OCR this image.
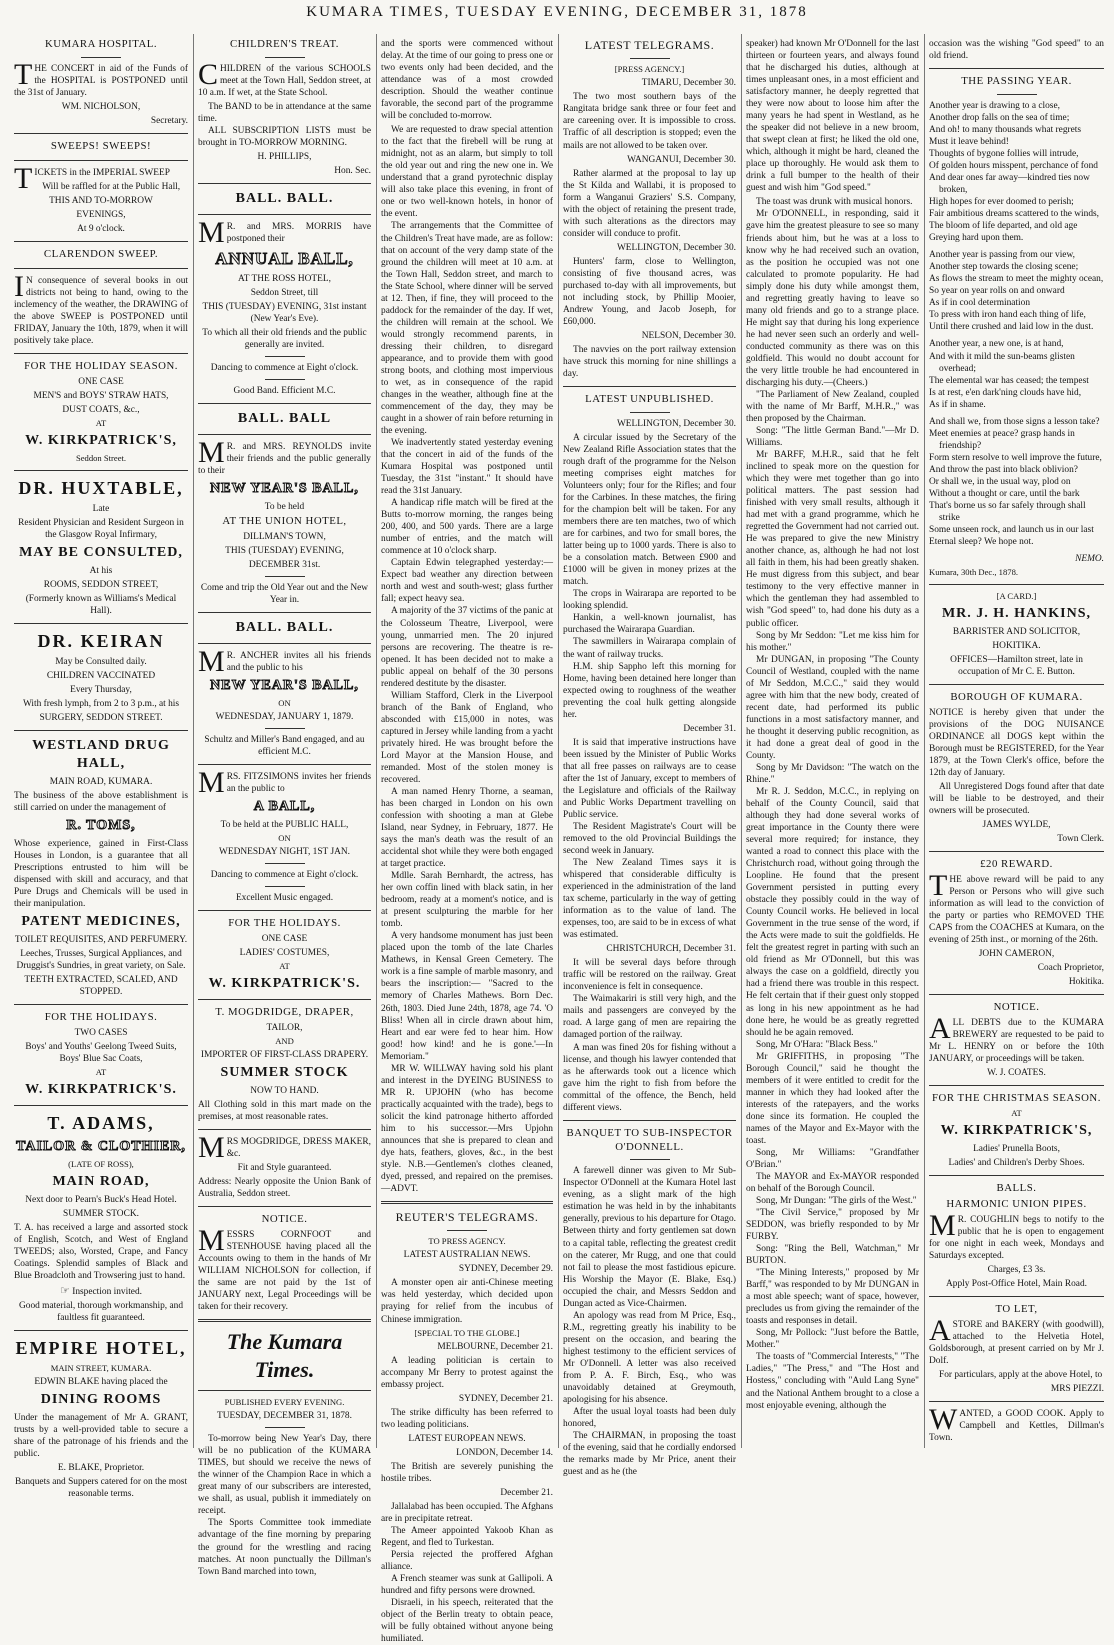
KUMARA TIMES, TUESDAY EVENING, DECEMBER 31, 1878
KUMARA HOSPITAL.

THE CONCERT in aid of the Funds of the HOSPITAL is POSTPONED until the 31st of January.

WM. NICHOLSON,

Secretary.

SWEEPS! SWEEPS!

TICKETS in the IMPERIAL SWEEP

Will be raffled for at the Public Hall,

THIS AND TO-MORROW

EVENINGS,

At 9 o'clock.

CLARENDON SWEEP.

IN consequence of several books in out districts not being to hand, owing to the inclemency of the weather, the DRAWING of the above SWEEP is POSTPONED until FRIDAY, January the 10th, 1879, when it will positively take place.

FOR THE HOLIDAY SEASON.

ONE CASE

MEN'S and BOYS' STRAW HATS,

DUST COATS, &c.,

AT

W. KIRKPATRICK'S,

Seddon Street.

DR. HUXTABLE,

Late

Resident Physician and Resident Surgeon in the Glasgow Royal Infirmary,

MAY BE CONSULTED,

At his

ROOMS, SEDDON STREET,

(Formerly known as Williams's Medical Hall).

DR. KEIRAN

May be Consulted daily.

CHILDREN VACCINATED

Every Thursday,

With fresh lymph, from 2 to 3 p.m., at his

SURGERY, SEDDON STREET.

WESTLAND DRUG HALL,

MAIN ROAD, KUMARA.

The business of the above establishment is still carried on under the management of

R. TOMS,

Whose experience, gained in First-Class Houses in London, is a guarantee that all Prescriptions entrusted to him will be dispensed with skill and accuracy, and that Pure Drugs and Chemicals will be used in their manipulation.

PATENT MEDICINES,

TOILET REQUISITES, AND PERFUMERY.

Leeches, Trusses, Surgical Appliances, and Druggist's Sundries, in great variety, on Sale.

TEETH EXTRACTED, SCALED, AND STOPPED.

FOR THE HOLIDAYS.

TWO CASES

Boys' and Youths' Geelong Tweed Suits, Boys' Blue Sac Coats,

AT

W. KIRKPATRICK'S.
T. ADAMS,
TAILOR & CLOTHIER,

(LATE OF ROSS),

MAIN ROAD,

Next door to Pearn's Buck's Head Hotel.

SUMMER STOCK.

T. A. has received a large and assorted stock of English, Scotch, and West of England TWEEDS; also, Worsted, Crape, and Fancy Coatings. Splendid samples of Black and Blue Broadcloth and Trowsering just to hand.

☞ Inspection invited.

Good material, thorough workmanship, and faultless fit guaranteed.

EMPIRE HOTEL,

MAIN STREET, KUMARA.

EDWIN BLAKE having placed the

DINING ROOMS

Under the management of Mr A. GRANT, trusts by a well-provided table to secure a share of the patronage of his friends and the public.

E. BLAKE, Proprietor.

Banquets and Suppers catered for on the most reasonable terms.

CHILDREN'S TREAT.

CHILDREN of the various SCHOOLS meet at the Town Hall, Seddon street, at 10 a.m. If wet, at the State School.

The BAND to be in attendance at the same time.

ALL SUBSCRIPTION LISTS must be brought in TO-MORROW MORNING.

H. PHILLIPS,

Hon. Sec.

BALL. BALL.

MR. and MRS. MORRIS have postponed their

ANNUAL BALL,

AT THE ROSS HOTEL,

Seddon Street, till

THIS (TUESDAY) EVENING, 31st instant (New Year's Eve).

To which all their old friends and the public generally are invited.

Dancing to commence at Eight o'clock.

Good Band. Efficient M.C.

BALL. BALL

MR. and MRS. REYNOLDS invite their friends and the public generally to their

NEW YEAR'S BALL,

To be held

AT THE UNION HOTEL,

DILLMAN'S TOWN,

THIS (TUESDAY) EVENING,

DECEMBER 31st.

Come and trip the Old Year out and the New Year in.

BALL. BALL.

MR. ANCHER invites all his friends and the public to his

NEW YEAR'S BALL,

ON

WEDNESDAY, JANUARY 1, 1879.

Schultz and Miller's Band engaged, and au efficient M.C.

MRS. FITZSIMONS invites her friends an the public to

A BALL,

To be held at the PUBLIC HALL,

ON

WEDNESDAY NIGHT, 1ST JAN.

Dancing to commence at Eight o'clock.

Excellent Music engaged.

FOR THE HOLIDAYS.

ONE CASE

LADIES' COSTUMES,

AT

W. KIRKPATRICK'S.
T. MOGDRIDGE, DRAPER,

TAILOR,

AND

IMPORTER OF FIRST-CLASS DRAPERY.

SUMMER STOCK

NOW TO HAND.

All Clothing sold in this mart made on the premises, at most reasonable rates.

MRS MOGDRIDGE, DRESS MAKER, &c.

Fit and Style guaranteed.

Address: Nearly opposite the Union Bank of Australia, Seddon street.

NOTICE.

MESSRS CORNFOOT and STENHOUSE having placed all the Accounts owing to them in the hands of Mr WILLIAM NICHOLSON for collection, if the same are not paid by the 1st of JANUARY next, Legal Proceedings will be taken for their recovery.

The Kumara Times.

PUBLISHED EVERY EVENING.

TUESDAY, DECEMBER 31, 1878.

To-morrow being New Year's Day, there will be no publication of the KUMARA TIMES, but should we receive the news of the winner of the Champion Race in which a great many of our subscribers are interested, we shall, as usual, publish it immediately on receipt.

The Sports Committee took immediate advantage of the fine morning by preparing the ground for the wrestling and racing matches. At noon punctually the Dillman's Town Band marched into town,

and the sports were commenced without delay. At the time of our going to press one or two events only had been decided, and the attendance was of a most crowded description. Should the weather continue favorable, the second part of the programme will be concluded to-morrow.

We are requested to draw special attention to the fact that the firebell will be rung at midnight, not as an alarm, but simply to toll the old year out and ring the new one in. We understand that a grand pyrotechnic display will also take place this evening, in front of one or two well-known hotels, in honor of the event.

The arrangements that the Committee of the Children's Treat have made, are as follow: that on account of the very damp state of the ground the children will meet at 10 a.m. at the Town Hall, Seddon street, and march to the State School, where dinner will be served at 12. Then, if fine, they will proceed to the paddock for the remainder of the day. If wet, the children will remain at the school. We would strongly recommend parents, in dressing their children, to disregard appearance, and to provide them with good strong boots, and clothing most impervious to wet, as in consequence of the rapid changes in the weather, although fine at the commencement of the day, they may be caught in a shower of rain before returning in the evening.

We inadvertently stated yesterday evening that the concert in aid of the funds of the Kumara Hospital was postponed until Tuesday, the 31st "instant." It should have read the 31st January.

A handicap rifle match will be fired at the Butts to-morrow morning, the ranges being 200, 400, and 500 yards. There are a large number of entries, and the match will commence at 10 o'clock sharp.

Captain Edwin telegraphed yesterday:— Expect bad weather any direction between north and west and south-west; glass further fall; expect heavy sea.

A majority of the 37 victims of the panic at the Colosseum Theatre, Liverpool, were young, unmarried men. The 20 injured persons are recovering. The theatre is re-opened. It has been decided not to make a public appeal on behalf of the 30 persons rendered destitute by the disaster.

William Stafford, Clerk in the Liverpool branch of the Bank of England, who absconded with £15,000 in notes, was captured in Jersey while landing from a yacht privately hired. He was brought before the Lord Mayor at the Mansion House, and remanded. Most of the stolen money is recovered.

A man named Henry Thorne, a seaman, has been charged in London on his own confession with shooting a man at Glebe Island, near Sydney, in February, 1877. He says the man's death was the result of an accidental shot while they were both engaged at target practice.

Mdlle. Sarah Bernhardt, the actress, has her own coffin lined with black satin, in her bedroom, ready at a moment's notice, and is at present sculpturing the marble for her tomb.

A very handsome monument has just been placed upon the tomb of the late Charles Mathews, in Kensal Green Cemetery. The work is a fine sample of marble masonry, and bears the inscription:— "Sacred to the memory of Charles Mathews. Born Dec. 26th, 1803. Died June 24th, 1878, age 74. 'O Bliss! When all in circle drawn about him, Heart and ear were fed to hear him. How good! how kind! and he is gone.'—In Memoriam."

MR W. WILLWAY having sold his plant and interest in the DYEING BUSINESS to MR R. UPJOHN (who has become practically acquainted with the trade), begs to solicit the kind patronage hitherto afforded him to his successor.—Mrs Upjohn announces that she is prepared to clean and dye hats, feathers, gloves, &c., in the best style. N.B.—Gentlemen's clothes cleaned, dyed, pressed, and repaired on the premises.—ADVT.

REUTER'S TELEGRAMS.

TO PRESS AGENCY.

LATEST AUSTRALIAN NEWS.

SYDNEY, December 29.

A monster open air anti-Chinese meeting was held yesterday, which decided upon praying for relief from the incubus of Chinese immigration.

[SPECIAL TO THE GLOBE.]

MELBOURNE, December 21.

A leading politician is certain to accompany Mr Berry to protest against the embassy project.

SYDNEY, December 21.

The strike difficulty has been referred to two leading politicians.

LATEST EUROPEAN NEWS.

LONDON, December 14.

The British are severely punishing the hostile tribes.

December 21.

Jallalabad has been occupied. The Afghans are in precipitate retreat.

The Ameer appointed Yakoob Khan as Regent, and fled to Turkestan.

Persia rejected the proffered Afghan alliance.

A French steamer was sunk at Gallipoli. A hundred and fifty persons were drowned.

Disraeli, in his speech, reiterated that the object of the Berlin treaty to obtain peace, will be fully obtained without anyone being humiliated.

LATEST TELEGRAMS.

[PRESS AGENCY.]

TIMARU, December 30.

The two most southern bays of the Rangitata bridge sank three or four feet and are careening over. It is impossible to cross. Traffic of all description is stopped; even the mails are not allowed to be taken over.

WANGANUI, December 30.

Rather alarmed at the proposal to lay up the St Kilda and Wallabi, it is proposed to form a Wanganui Graziers' S.S. Company, with the object of retaining the present trade, with such alterations as the directors may consider will conduce to profit.

WELLINGTON, December 30.

Hunters' farm, close to Wellington, consisting of five thousand acres, was purchased to-day with all improvements, but not including stock, by Phillip Mooier, Andrew Young, and Jacob Joseph, for £60,000.

NELSON, December 30.

The navvies on the port railway extension have struck this morning for nine shillings a day.

LATEST UNPUBLISHED.

WELLINGTON, December 30.

A circular issued by the Secretary of the New Zealand Rifle Association states that the rough draft of the programme for the Nelson meeting comprises eight matches for Volunteers only; four for the Rifles; and four for the Carbines. In these matches, the firing for the champion belt will be taken. For any members there are ten matches, two of which are for carbines, and two for small bores, the latter being up to 1000 yards. There is also to be a consolation match. Between £900 and £1000 will be given in money prizes at the match.

The crops in Wairarapa are reported to be looking splendid.

Hankin, a well-known journalist, has purchased the Wairarapa Guardian.

The sawmillers in Wairarapa complain of the want of railway trucks.

H.M. ship Sappho left this morning for Home, having been detained here longer than expected owing to roughness of the weather preventing the coal hulk getting alongside her.

December 31.

It is said that imperative instructions have been issued by the Minister of Public Works that all free passes on railways are to cease after the 1st of January, except to members of the Legislature and officials of the Railway and Public Works Department travelling on Public service.

The Resident Magistrate's Court will be removed to the old Provincial Buildings the second week in January.

The New Zealand Times says it is whispered that considerable difficulty is experienced in the administration of the land tax scheme, particularly in the way of getting information as to the value of land. The expenses, too, are said to be in excess of what was estimated.

CHRISTCHURCH, December 31.

It will be several days before through traffic will be restored on the railway. Great inconvenience is felt in consequence.

The Waimakariri is still very high, and the mails and passengers are conveyed by the road. A large gang of men are repairing the damaged portion of the railway.

A man was fined 20s for fishing without a license, and though his lawyer contended that as he afterwards took out a licence which gave him the right to fish from before the committal of the offence, the Bench, held different views.

BANQUET TO SUB-INSPECTOR O'DONNELL.

A farewell dinner was given to Mr Sub-Inspector O'Donnell at the Kumara Hotel last evening, as a slight mark of the high estimation he was held in by the inhabitants generally, previous to his departure for Otago. Between thirty and forty gentlemen sat down to a capital table, reflecting the greatest credit on the caterer, Mr Rugg, and one that could not fail to please the most fastidious epicure. His Worship the Mayor (E. Blake, Esq.) occupied the chair, and Messrs Seddon and Dungan acted as Vice-Chairmen.

An apology was read from M Price, Esq., R.M., regretting greatly his inability to be present on the occasion, and bearing the highest testimony to the efficient services of Mr O'Donnell. A letter was also received from P. A. F. Birch, Esq., who was unavoidably detained at Greymouth, apologising for his absence.

After the usual loyal toasts had been duly honored,

The CHAIRMAN, in proposing the toast of the evening, said that he cordially endorsed the remarks made by Mr Price, anent their guest and as he (the

speaker) had known Mr O'Donnell for the last thirteen or fourteen years, and always found that he discharged his duties, although at times unpleasant ones, in a most efficient and satisfactory manner, he deeply regretted that they were now about to loose him after the many years he had spent in Westland, as he the speaker did not believe in a new broom, that swept clean at first; he liked the old one, which, although it might be hard, cleaned the place up thoroughly. He would ask them to drink a full bumper to the health of their guest and wish him "God speed."

The toast was drunk with musical honors.

Mr O'DONNELL, in responding, said it gave him the greatest pleasure to see so many friends about him, but he was at a loss to know why he had received such an ovation, as the position he occupied was not one calculated to promote popularity. He had simply done his duty while amongst them, and regretting greatly having to leave so many old friends and go to a strange place. He might say that during his long experience he had never seen such an orderly and well-conducted community as there was on this goldfield. This would no doubt account for the very little trouble he had encountered in discharging his duty.—(Cheers.)

"The Parliament of New Zealand, coupled with the name of Mr Barff, M.H.R.," was then proposed by the Chairman.

Song: "The little German Band."—Mr D. Williams.

Mr BARFF, M.H.R., said that he felt inclined to speak more on the question for which they were met together than go into political matters. The past session had finished with very small results, although it had met with a grand programme, which he regretted the Government had not carried out. He was prepared to give the new Ministry another chance, as, although he had not lost all faith in them, his had been greatly shaken. He must digress from this subject, and bear testimony to the very effective manner in which the gentleman they had assembled to wish "God speed" to, had done his duty as a public officer.

Song by Mr Seddon: "Let me kiss him for his mother."

Mr DUNGAN, in proposing "The County Council of Westland, coupled with the name of Mr Seddon, M.C.C.," said they would agree with him that the new body, created of recent date, had performed its public functions in a most satisfactory manner, and he thought it deserving public recognition, as it had done a great deal of good in the County.

Song by Mr Davidson: "The watch on the Rhine."

Mr R. J. Seddon, M.C.C., in replying on behalf of the County Council, said that although they had done several works of great importance in the County there were several more required; for instance, they wanted a road to connect this place with the Christchurch road, without going through the Loopline. He found that the present Government persisted in putting every obstacle they possibly could in the way of County Council works. He believed in local Government in the true sense of the word, if the Acts were made to suit the goldfields. He felt the greatest regret in parting with such an old friend as Mr O'Donnell, but this was always the case on a goldfield, directly you had a friend there was trouble in this respect. He felt certain that if their guest only stopped as long in his new appointment as he had done here, he would be as greatly regretted should he be again removed.

Song, Mr O'Hara: "Black Bess."

Mr GRIFFITHS, in proposing "The Borough Council," said he thought the members of it were entitled to credit for the manner in which they had looked after the interests of the ratepayers, and the works done since its formation. He coupled the names of the Mayor and Ex-Mayor with the toast.

Song, Mr Williams: "Grandfather O'Brian."

The MAYOR and Ex-MAYOR responded on behalf of the Borough Council.

Song, Mr Dungan: "The girls of the West."

"The Civil Service," proposed by Mr SEDDON, was briefly responded to by Mr FURBY.

Song: "Ring the Bell, Watchman," Mr BURTON.

"The Mining Interests," proposed by Mr Barff," was responded to by Mr DUNGAN in a most able speech; want of space, however, precludes us from giving the remainder of the toasts and responses in detail.

Song, Mr Pollock: "Just before the Battle, Mother."

The toasts of "Commercial Interests," "The Ladies," "The Press," and "The Host and Hostess," concluding with "Auld Lang Syne" and the National Anthem brought to a close a most enjoyable evening, although the

occasion was the wishing "God speed" to an old friend.

THE PASSING YEAR.

Another year is drawing to a close,

Another drop falls on the sea of time;

And oh! to many thousands what regrets

Must it leave behind!

Thoughts of bygone follies will intrude,

Of golden hours misspent, perchance of fond

And dear ones far away—kindred ties now broken,

High hopes for ever doomed to perish;

Fair ambitious dreams scattered to the winds,

The bloom of life departed, and old age

Greying hard upon them.

Another year is passing from our view,

Another step towards the closing scene;

As flows the stream to meet the mighty ocean,

So year on year rolls on and onward

As if in cool determination

To press with iron hand each thing of life,

Until there crushed and laid low in the dust.

Another year, a new one, is at hand,

And with it mild the sun-beams glisten overhead;

The elemental war has ceased; the tempest

Is at rest, e'en dark'ning clouds have hid,

As if in shame.

And shall we, from those signs a lesson take?

Meet enemies at peace? grasp hands in friendship?

Form stern resolve to well improve the future,

And throw the past into black oblivion?

Or shall we, in the usual way, plod on

Without a thought or care, until the bark

That's borne us so far safely through shall strike

Some unseen rock, and launch us in our last

Eternal sleep? We hope not.

NEMO.

Kumara, 30th Dec., 1878.

[A CARD.]

MR. J. H. HANKINS,

BARRISTER AND SOLICITOR,

HOKITIKA.

OFFICES—Hamilton street, late in occupation of Mr C. E. Button.

BOROUGH OF KUMARA.

NOTICE is hereby given that under the provisions of the DOG NUISANCE ORDINANCE all DOGS kept within the Borough must be REGISTERED, for the Year 1879, at the Town Clerk's office, before the 12th day of January.

All Unregistered Dogs found after that date will be liable to be destroyed, and their owners will be prosecuted.

JAMES WYLDE,

Town Clerk.

£20 REWARD.

THE above reward will be paid to any Person or Persons who will give such information as will lead to the conviction of the party or parties who REMOVED THE CAPS from the COACHES at Kumara, on the evening of 25th inst., or morning of the 26th.

JOHN CAMERON,

Coach Proprietor,

Hokitika.

NOTICE.

ALL DEBTS due to the KUMARA BREWERY are requested to be paid to Mr L. HENRY on or before the 10th JANUARY, or proceedings will be taken.

W. J. COATES.

FOR THE CHRISTMAS SEASON.

AT

W. KIRKPATRICK'S,

Ladies' Prunella Boots,

Ladies' and Children's Derby Shoes.

BALLS.
HARMONIC UNION PIPES.

MR. COUGHLIN begs to notify to the public that he is open to engagement for one night in each week, Mondays and Saturdays excepted.

Charges, £3 3s.

Apply Post-Office Hotel, Main Road.

TO LET,

ASTORE and BAKERY (with goodwill), attached to the Helvetia Hotel, Goldsborough, at present carried on by Mr J. Dolf.

For particulars, apply at the above Hotel, to

MRS PIEZZI.

WANTED, a GOOD COOK. Apply to Campbell and Kettles, Dillman's Town.
